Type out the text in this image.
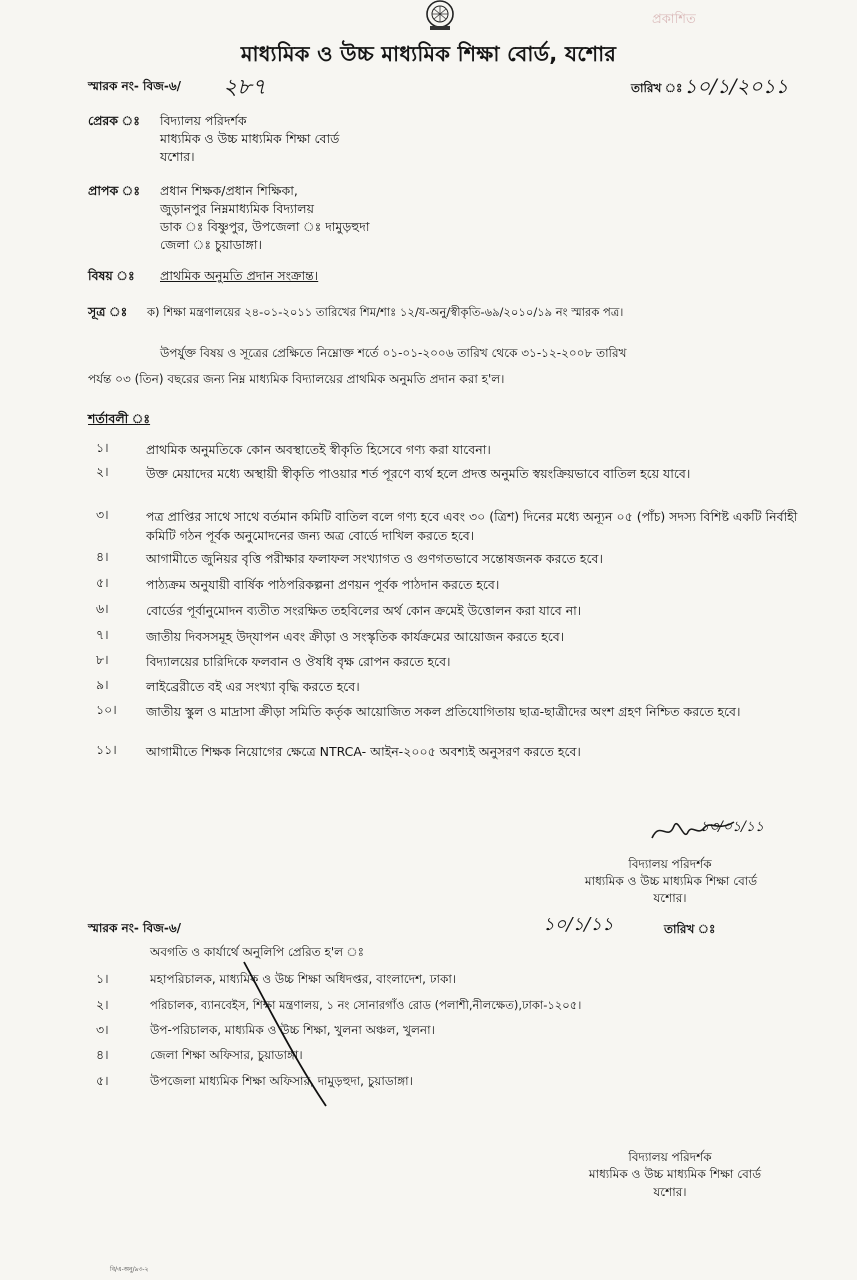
প্রকাশিত
মাধ্যমিক ও উচ্চ মাধ্যমিক শিক্ষা বোর্ড, যশোর
স্মারক নং- বিজ-৬/ ২৮৭	তারিখ ঃ ১০/১/২০১১
প্রেরক ঃ বিদ্যালয় পরিদর্শক
মাধ্যমিক ও উচ্চ মাধ্যমিক শিক্ষা বোর্ড
যশোর।
প্রাপক ঃ প্রধান শিক্ষক/প্রধান শিক্ষিকা,
জুড়ানপুর নিম্নমাধ্যমিক বিদ্যালয়
ডাক ঃ বিষ্ণুপুর, উপজেলা ঃ দামুড়হুদা
জেলা ঃ চুয়াডাঙ্গা।
বিষয় ঃ প্রাথমিক অনুমতি প্রদান সংক্রান্ত।
সূত্র ঃ ক) শিক্ষা মন্ত্রণালয়ের ২৪-০১-২০১১ তারিখের শিম/শাঃ ১২/য-অনু/স্বীকৃতি-৬৯/২০১০/১৯ নং স্মারক পত্র।
উপর্যুক্ত বিষয় ও সূত্রের প্রেক্ষিতে নিম্নোক্ত শর্তে ০১-০১-২০০৬ তারিখ থেকে ৩১-১২-২০০৮ তারিখ
পর্যন্ত ০৩ (তিন) বছরের জন্য নিম্ন মাধ্যমিক বিদ্যালয়ের প্রাথমিক অনুমতি প্রদান করা হ'ল।
শর্তাবলী ঃ
১।	প্রাথমিক অনুমতিকে কোন অবস্থাতেই স্বীকৃতি হিসেবে গণ্য করা যাবেনা।
২।	উক্ত মেয়াদের মধ্যে অস্থায়ী স্বীকৃতি পাওয়ার শর্ত পূরণে ব্যর্থ হলে প্রদত্ত অনুমতি স্বয়ংক্রিয়ভাবে বাতিল হয়ে যাবে।
৩।	পত্র প্রাপ্তির সাথে সাথে বর্তমান কমিটি বাতিল বলে গণ্য হবে এবং ৩০ (ত্রিশ) দিনের মধ্যে অন্যূন ০৫ (পাঁচ) সদস্য বিশিষ্ট একটি নির্বাহী কমিটি গঠন পূর্বক অনুমোদনের জন্য অত্র বোর্ডে দাখিল করতে হবে।
৪।	আগামীতে জুনিয়র বৃত্তি পরীক্ষার ফলাফল সংখ্যাগত ও গুণগতভাবে সন্তোষজনক করতে হবে।
৫।	পাঠ্যক্রম অনুযায়ী বার্ষিক পাঠপরিকল্পনা প্রণয়ন পূর্বক পাঠদান করতে হবে।
৬।	বোর্ডের পূর্বানুমোদন ব্যতীত সংরক্ষিত তহবিলের অর্থ কোন ক্রমেই উত্তোলন করা যাবে না।
৭।	জাতীয় দিবসসমূহ উদ্‌যাপন এবং ক্রীড়া ও সংস্কৃতিক কার্যক্রমের আয়োজন করতে হবে।
৮।	বিদ্যালয়ের চারিদিকে ফলবান ও ঔষধি বৃক্ষ রোপন করতে হবে।
৯।	লাইব্রেরীতে বই এর সংখ্যা বৃদ্ধি করতে হবে।
১০।	জাতীয় স্কুল ও মাদ্রাসা ক্রীড়া সমিতি কর্তৃক আয়োজিত সকল প্রতিযোগিতায় ছাত্র-ছাত্রীদের অংশ গ্রহণ নিশ্চিত করতে হবে।
১১।	আগামীতে শিক্ষক নিয়োগের ক্ষেত্রে NTRCA- আইন-২০০৫ অবশ্যই অনুসরণ করতে হবে।
১৩/০১/১১
বিদ্যালয় পরিদর্শক
মাধ্যমিক ও উচ্চ মাধ্যমিক শিক্ষা বোর্ড
যশোর।
স্মারক নং- বিজ-৬/	১০/১/১১	তারিখ ঃ
অবগতি ও কার্যার্থে অনুলিপি প্রেরিত হ'ল ঃ
১।	মহাপরিচালক, মাধ্যমিক ও উচ্চ শিক্ষা অধিদপ্তর, বাংলাদেশ, ঢাকা।
২।	পরিচালক, ব্যানবেইস, শিক্ষা মন্ত্রণালয়, ১ নং সোনারগাঁও রোড (পলাশী,নীলক্ষেত),ঢাকা-১২০৫।
৩।	উপ-পরিচালক, মাধ্যমিক ও উচ্চ শিক্ষা, খুলনা অঞ্চল, খুলনা।
৪।	জেলা শিক্ষা অফিসার, চুয়াডাঙ্গা।
৫।	উপজেলা মাধ্যমিক শিক্ষা অফিসার, দামুড়হুদা, চুয়াডাঙ্গা।
বিদ্যালয় পরিদর্শক
মাধ্যমিক ও উচ্চ মাধ্যমিক শিক্ষা বোর্ড
যশোর।
বি/এ-অনু/৯৩-২
